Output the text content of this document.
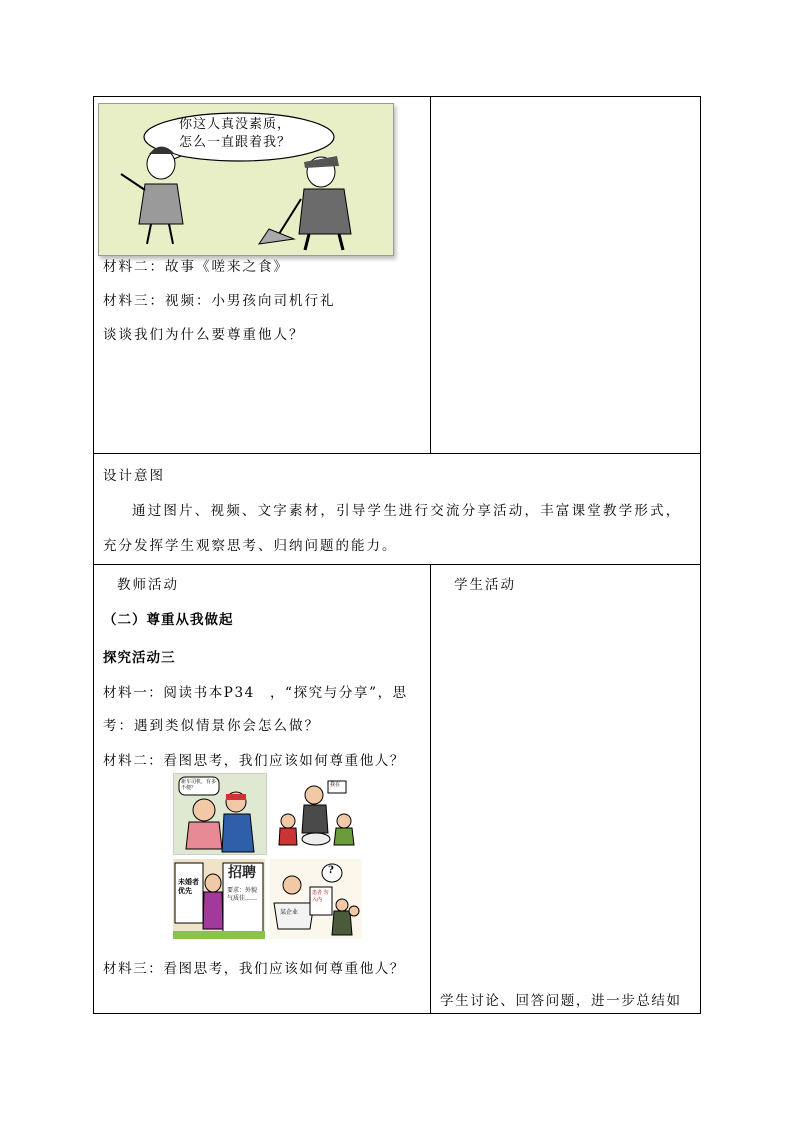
你这人真没素质，
怎么一直跟着我？
材料二：故事《嗟来之食》
材料三：视频：小男孩向司机行礼
谈谈我们为什么要尊重他人？
设计意图
通过图片、视频、文字素材，引导学生进行交流分享活动，丰富课堂教学形式，
充分发挥学生观察思考、归纳问题的能力。
教师活动
（二）尊重从我做起
探究活动三
材料一：阅读书本P34　，“探究与分享”，思
考：遇到类似情景你会怎么做？
材料二：看图思考，我们应该如何尊重他人？
材料三：看图思考，我们应该如何尊重他人？
学生活动
学生讨论、回答问题，进一步总结如
新车司机，有多不便？	我在
未婚者优先
招聘
要求：外貌气质佳……
?
某企业
患者 勿入内
